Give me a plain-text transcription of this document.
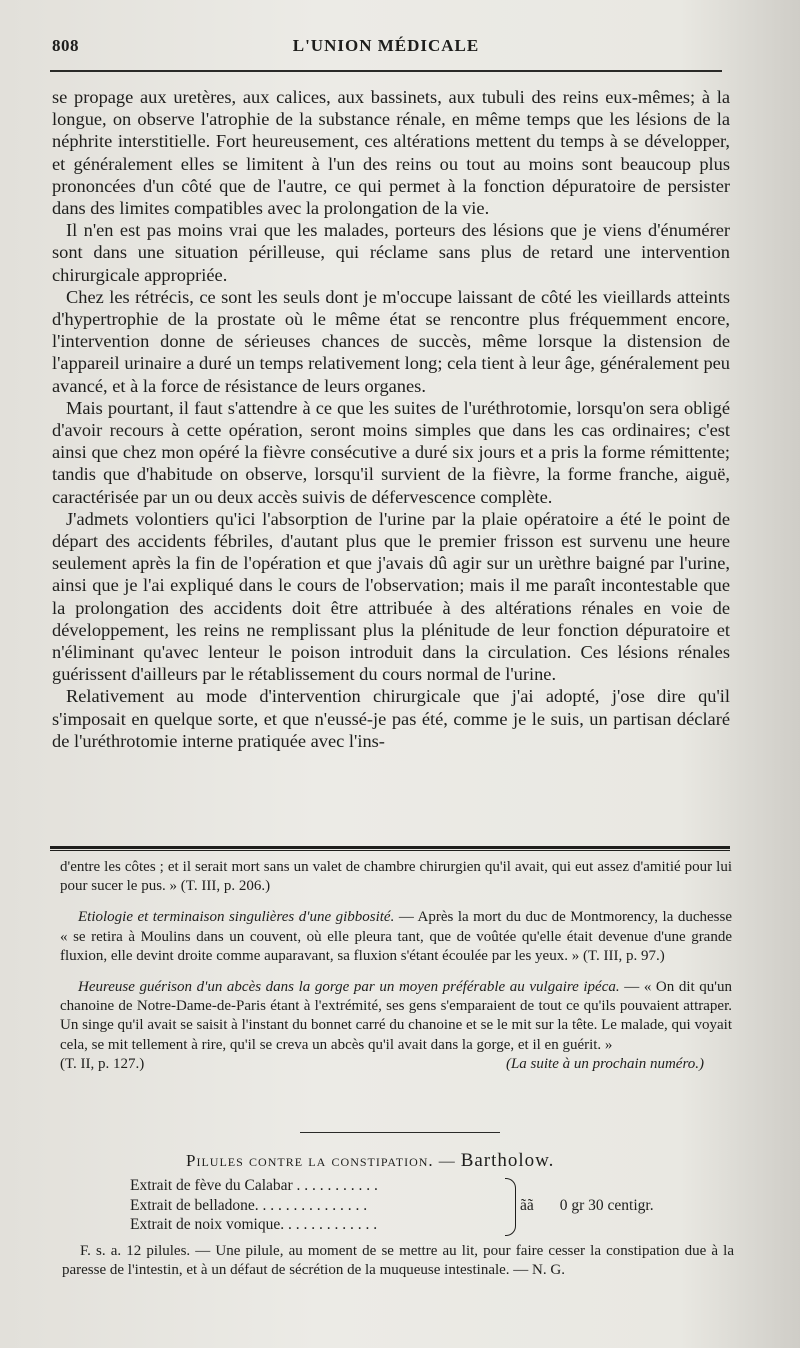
808	L'UNION MÉDICALE

se propage aux uretères, aux calices, aux bassinets, aux tubuli des reins eux-mêmes; à la longue, on observe l'atrophie de la substance rénale, en même temps que les lésions de la néphrite interstitielle. Fort heureusement, ces altérations mettent du temps à se développer, et généralement elles se limitent à l'un des reins ou tout au moins sont beaucoup plus prononcées d'un côté que de l'autre, ce qui permet à la fonction dépuratoire de persister dans des limites compatibles avec la prolongation de la vie.

Il n'en est pas moins vrai que les malades, porteurs des lésions que je viens d'énumérer sont dans une situation périlleuse, qui réclame sans plus de retard une intervention chirurgicale appropriée.

Chez les rétrécis, ce sont les seuls dont je m'occupe laissant de côté les vieillards atteints d'hypertrophie de la prostate où le même état se rencontre plus fréquemment encore, l'intervention donne de sérieuses chances de succès, même lorsque la distension de l'appareil urinaire a duré un temps relativement long; cela tient à leur âge, généralement peu avancé, et à la force de résistance de leurs organes.

Mais pourtant, il faut s'attendre à ce que les suites de l'uréthrotomie, lorsqu'on sera obligé d'avoir recours à cette opération, seront moins simples que dans les cas ordinaires; c'est ainsi que chez mon opéré la fièvre consécutive a duré six jours et a pris la forme rémittente; tandis que d'habitude on observe, lorsqu'il survient de la fièvre, la forme franche, aiguë, caractérisée par un ou deux accès suivis de défervescence complète.

J'admets volontiers qu'ici l'absorption de l'urine par la plaie opératoire a été le point de départ des accidents fébriles, d'autant plus que le premier frisson est survenu une heure seulement après la fin de l'opération et que j'avais dû agir sur un urèthre baigné par l'urine, ainsi que je l'ai expliqué dans le cours de l'observation; mais il me paraît incontestable que la prolongation des accidents doit être attribuée à des altérations rénales en voie de développement, les reins ne remplissant plus la plénitude de leur fonction dépuratoire et n'éliminant qu'avec lenteur le poison introduit dans la circulation. Ces lésions rénales guérissent d'ailleurs par le rétablissement du cours normal de l'urine.

Relativement au mode d'intervention chirurgicale que j'ai adopté, j'ose dire qu'il s'imposait en quelque sorte, et que n'eussé-je pas été, comme je le suis, un partisan déclaré de l'uréthrotomie interne pratiquée avec l'ins-

d'entre les côtes ; et il serait mort sans un valet de chambre chirurgien qu'il avait, qui eut assez d'amitié pour lui pour sucer le pus. » (T. III, p. 206.)

Etiologie et terminaison singulières d'une gibbosité. — Après la mort du duc de Montmorency, la duchesse « se retira à Moulins dans un couvent, où elle pleura tant, que de voûtée qu'elle était devenue d'une grande fluxion, elle devint droite comme auparavant, sa fluxion s'étant écoulée par les yeux. » (T. III, p. 97.)

Heureuse guérison d'un abcès dans la gorge par un moyen préférable au vulgaire ipéca. — « On dit qu'un chanoine de Notre-Dame-de-Paris étant à l'extrémité, ses gens s'emparaient de tout ce qu'ils pouvaient attraper. Un singe qu'il avait se saisit à l'instant du bonnet carré du chanoine et se le mit sur la tête. Le malade, qui voyait cela, se mit tellement à rire, qu'il se creva un abcès qu'il avait dans la gorge, et il en guérit. »

(T. II, p. 127.)	(La suite à un prochain numéro.)
Pilules contre la constipation. — Bartholow.
Extrait de fève du Calabar . . . . . . . . . . .
Extrait de belladone. . . . . . . . . . . . . . .
Extrait de noix vomique. . . . . . . . . . . . .
ãã 0 gr 30 centigr.
F. s. a. 12 pilules. — Une pilule, au moment de se mettre au lit, pour faire cesser la constipation due à la paresse de l'intestin, et à un défaut de sécrétion de la muqueuse intestinale. — N. G.
